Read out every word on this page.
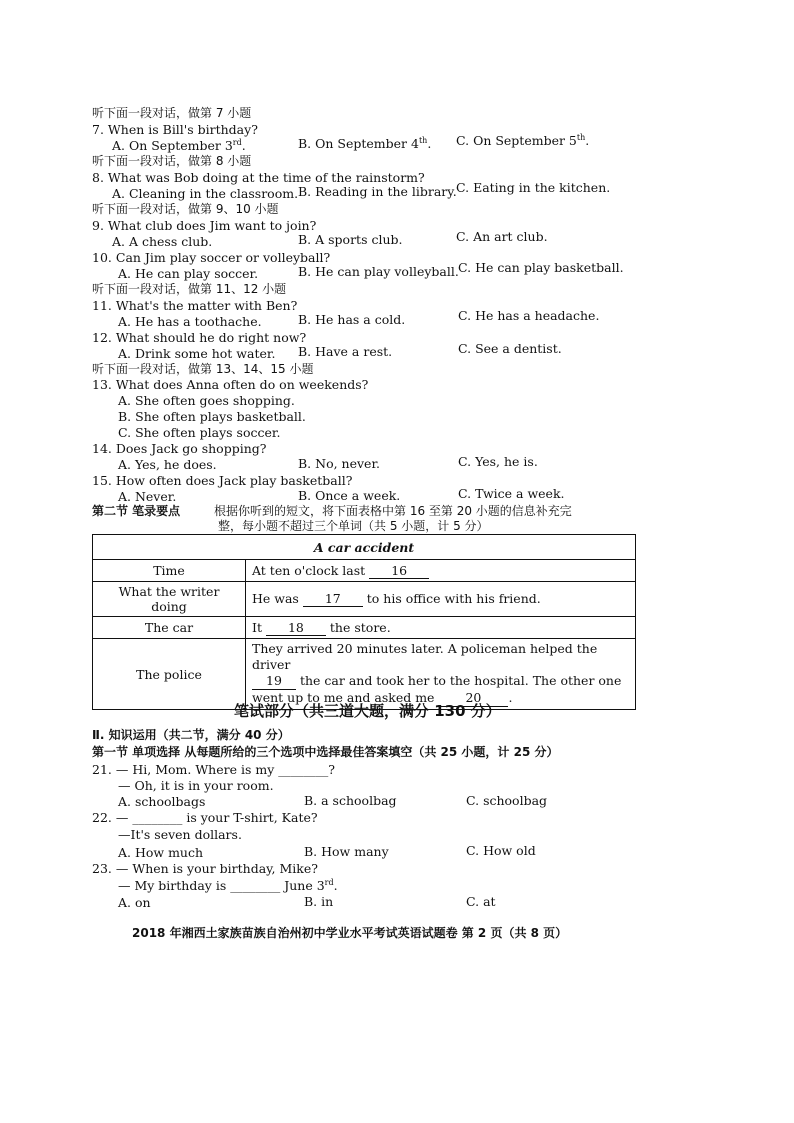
听下面一段对话，做第 7 小题
7. When is Bill's birthday?
A. On September 3rd.	B. On September 4th. C. On September 5th.
听下面一段对话，做第 8 小题
8. What was Bob doing at the time of the rainstorm?
A. Cleaning in the classroom. B. Reading in the library. C. Eating in the kitchen.
听下面一段对话，做第 9、10 小题
9. What club does Jim want to join?
A. A chess club.	B. A sports club.	C. An art club.
10. Can Jim play soccer or volleyball?
A. He can play soccer.	B. He can play volleyball. C. He can play basketball.
听下面一段对话，做第 11、12 小题
11. What's the matter with Ben?
A. He has a toothache.	B. He has a cold.	C. He has a headache.
12. What should he do right now?
A. Drink some hot water. B. Have a rest.	C. See a dentist.
听下面一段对话，做第 13、14、15 小题
13. What does Anna often do on weekends?
A. She often goes shopping.
B. She often plays basketball.
C. She often plays soccer.
14. Does Jack go shopping?
A. Yes, he does.	B. No, never.	C. Yes, he is.
15. How often does Jack play basketball?
A. Never.	B. Once a week.	C. Twice a week.
第二节 笔录要点	根据你听到的短文，将下面表格中第 16 至第 20 小题的信息补充完
整，每小题不超过三个单词（共 5 小题，计 5 分）
A car accident	
Time	At ten o'clock last 16
What the writer doing	He was 17 to his office with his friend.
The car	It 18 the store.
The police	They arrived 20 minutes later. A policeman helped the driver
19 the car and took her to the hospital. The other one
went up to me and asked me 20 .
笔试部分（共三道大题，满分 130 分）
Ⅱ. 知识运用（共二节，满分 40 分）
第一节 单项选择 从每题所给的三个选项中选择最佳答案填空（共 25 小题，计 25 分）
21. — Hi, Mom. Where is my ________?
— Oh, it is in your room.
A. schoolbags	B. a schoolbag	C. schoolbag
22. — ________ is your T-shirt, Kate?
—It's seven dollars.
A. How much	B. How many	C. How old
23. — When is your birthday, Mike?
— My birthday is ________ June 3rd.
A. on	B. in	C. at
2018 年湘西土家族苗族自治州初中学业水平考试英语试题卷 第 2 页（共 8 页）
